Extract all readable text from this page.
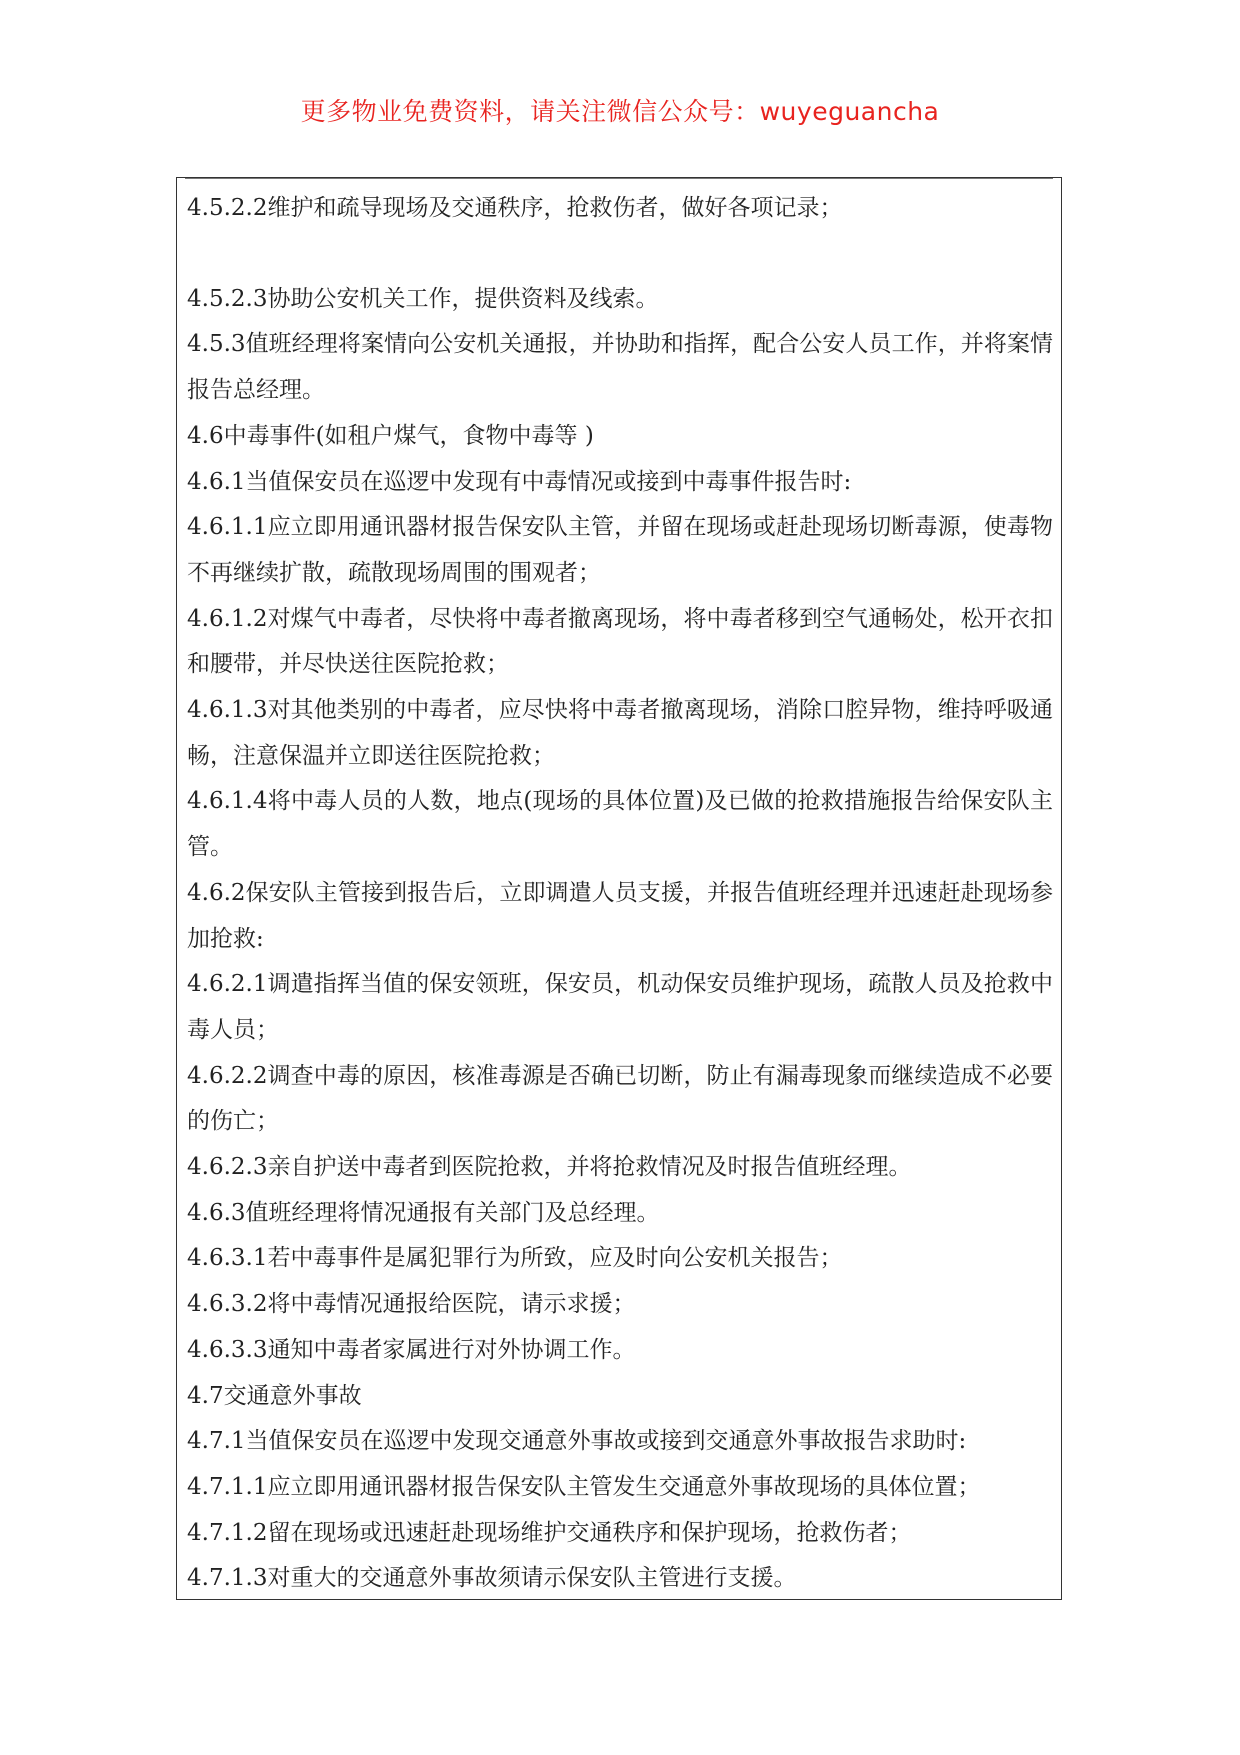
更多物业免费资料，请关注微信公众号：wuyeguancha

4.5.2.2维护和疏导现场及交通秩序，抢救伤者，做好各项记录；

4.5.2.3协助公安机关工作，提供资料及线索。

4.5.3值班经理将案情向公安机关通报，并协助和指挥，配合公安人员工作，并将案情报告总经理。

4.6中毒事件(如租户煤气，食物中毒等 )

4.6.1当值保安员在巡逻中发现有中毒情况或接到中毒事件报告时:

4.6.1.1应立即用通讯器材报告保安队主管，并留在现场或赶赴现场切断毒源，使毒物不再继续扩散，疏散现场周围的围观者；

4.6.1.2对煤气中毒者，尽快将中毒者撤离现场，将中毒者移到空气通畅处，松开衣扣和腰带，并尽快送往医院抢救；

4.6.1.3对其他类别的中毒者，应尽快将中毒者撤离现场，消除口腔异物，维持呼吸通畅，注意保温并立即送往医院抢救；

4.6.1.4将中毒人员的人数，地点(现场的具体位置)及已做的抢救措施报告给保安队主管。

4.6.2保安队主管接到报告后，立即调遣人员支援，并报告值班经理并迅速赶赴现场参加抢救:

4.6.2.1调遣指挥当值的保安领班，保安员，机动保安员维护现场，疏散人员及抢救中毒人员；

4.6.2.2调查中毒的原因，核准毒源是否确已切断，防止有漏毒现象而继续造成不必要的伤亡；

4.6.2.3亲自护送中毒者到医院抢救，并将抢救情况及时报告值班经理。

4.6.3值班经理将情况通报有关部门及总经理。

4.6.3.1若中毒事件是属犯罪行为所致，应及时向公安机关报告；

4.6.3.2将中毒情况通报给医院，请示求援；

4.6.3.3通知中毒者家属进行对外协调工作。

4.7交通意外事故

4.7.1当值保安员在巡逻中发现交通意外事故或接到交通意外事故报告求助时:

4.7.1.1应立即用通讯器材报告保安队主管发生交通意外事故现场的具体位置；

4.7.1.2留在现场或迅速赶赴现场维护交通秩序和保护现场，抢救伤者；

4.7.1.3对重大的交通意外事故须请示保安队主管进行支援。
